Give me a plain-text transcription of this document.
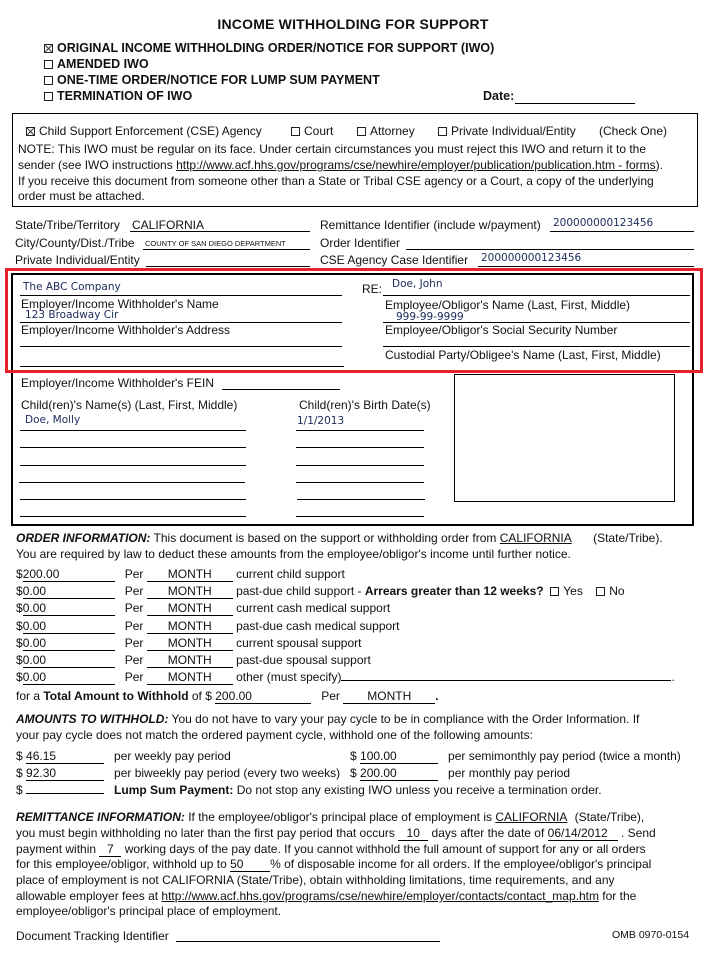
INCOME WITHHOLDING FOR SUPPORT
ORIGINAL INCOME WITHHOLDING ORDER/NOTICE FOR SUPPORT (IWO)
AMENDED IWO
ONE-TIME ORDER/NOTICE FOR LUMP SUM PAYMENT
TERMINATION OF IWO	Date:
Child Support Enforcement (CSE) Agency	Court	Attorney	Private Individual/Entity (Check One)
NOTE: This IWO must be regular on its face. Under certain circumstances you must reject this IWO and return it to the
sender (see IWO instructions http://www.acf.hhs.gov/programs/cse/newhire/employer/publication/publication.htm - forms).
If you receive this document from someone other than a State or Tribal CSE agency or a Court, a copy of the underlying
order must be attached.
State/Tribe/Territory CALIFORNIA
City/County/Dist./Tribe COUNTY OF SAN DIEGO DEPARTMENT
Private Individual/Entity
Remittance Identifier (include w/payment) 200000000123456
Order Identifier
CSE Agency Case Identifier 200000000123456
The ABC Company
Employer/Income Withholder's Name
123 Broadway Cir
Employer/Income Withholder's Address
RE: Doe, John
Employee/Obligor's Name (Last, First, Middle)
999-99-9999
Employee/Obligor's Social Security Number
Custodial Party/Obligee's Name (Last, First, Middle)
Employer/Income Withholder's FEIN
Child(ren)'s Name(s) (Last, First, Middle)	Child(ren)'s Birth Date(s)
Doe, Molly	1/1/2013
ORDER INFORMATION: This document is based on the support or withholding order from CALIFORNIA (State/Tribe).
You are required by law to deduct these amounts from the employee/obligor's income until further notice.
$200.00	Per MONTH current child support
$0.00	Per MONTH past-due child support - Arrears greater than 12 weeks? Yes No
$0.00	Per MONTH current cash medical support
$0.00	Per MONTH past-due cash medical support
$0.00	Per MONTH current spousal support
$0.00	Per MONTH past-due spousal support
$0.00	Per MONTH other (must specify)	.
for a Total Amount to Withhold of $ 200.00	Per MONTH .
AMOUNTS TO WITHHOLD: You do not have to vary your pay cycle to be in compliance with the Order Information. If
your pay cycle does not match the ordered payment cycle, withhold one of the following amounts:
$ 46.15	per weekly pay period	$ 100.00	per semimonthly pay period (twice a month)
$ 92.30	per biweekly pay period (every two weeks) $ 200.00	per monthly pay period
$	Lump Sum Payment: Do not stop any existing IWO unless you receive a termination order.
REMITTANCE INFORMATION: If the employee/obligor's principal place of employment is CALIFORNIA (State/Tribe),
you must begin withholding no later than the first pay period that occurs 10 days after the date of 06/14/2012 . Send
payment within 7 working days of the pay date. If you cannot withhold the full amount of support for any or all orders
for this employee/obligor, withhold up to 50 % of disposable income for all orders. If the employee/obligor's principal
place of employment is not CALIFORNIA (State/Tribe), obtain withholding limitations, time requirements, and any
allowable employer fees at http://www.acf.hhs.gov/programs/cse/newhire/employer/contacts/contact_map.htm for the
employee/obligor's principal place of employment.
Document Tracking Identifier	OMB 0970-0154
